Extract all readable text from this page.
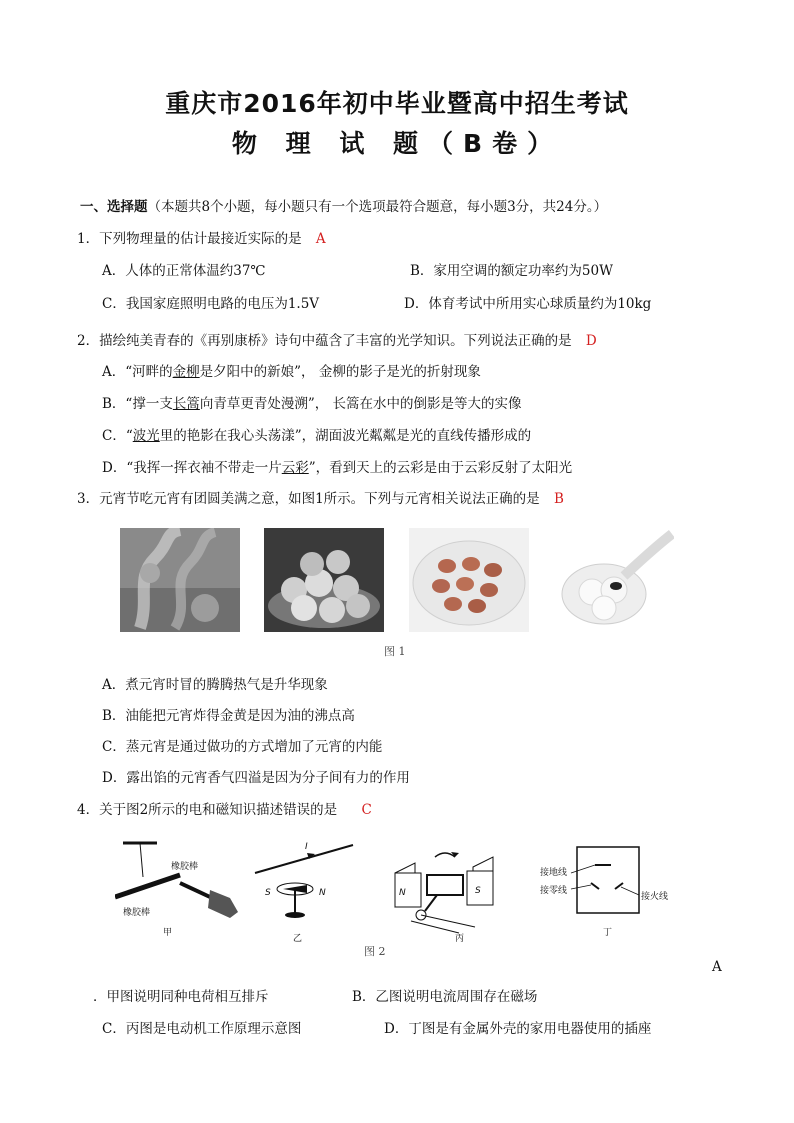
重庆市2016年初中毕业暨高中招生考试
物 理 试 题（B卷）
一、选择题（本题共8个小题，每小题只有一个选项最符合题意，每小题3分，共24分。）
1．下列物理量的估计最接近实际的是 A
A．人体的正常体温约37℃	B．家用空调的额定功率约为50W
C．我国家庭照明电路的电压为1.5V	D．体育考试中所用实心球质量约为10kg
2．描绘纯美青春的《再别康桥》诗句中蕴含了丰富的光学知识。下列说法正确的是 D
A．“河畔的金柳是夕阳中的新娘”， 金柳的影子是光的折射现象
B．“撑一支长篙向青草更青处漫溯”， 长篙在水中的倒影是等大的实像
C．“波光里的艳影在我心头荡漾”，湖面波光粼粼是光的直线传播形成的
D．“我挥一挥衣袖不带走一片云彩”，看到天上的云彩是由于云彩反射了太阳光
3．元宵节吃元宵有团圆美满之意，如图1所示。下列与元宵相关说法正确的是 B
图 1
A．煮元宵时冒的腾腾热气是升华现象
B．油能把元宵炸得金黄是因为油的沸点高
C．蒸元宵是通过做功的方式增加了元宵的内能
D．露出馅的元宵香气四溢是因为分子间有力的作用
4．关于图2所示的电和磁知识描述错误的是 C
橡胶棒
橡胶棒
甲
I
S	N
乙
N	S
丙
接地线
接零线
接火线
丁
图 2
A
．甲图说明同种电荷相互排斥	B．乙图说明电流周围存在磁场
C．丙图是电动机工作原理示意图	D．丁图是有金属外壳的家用电器使用的插座
